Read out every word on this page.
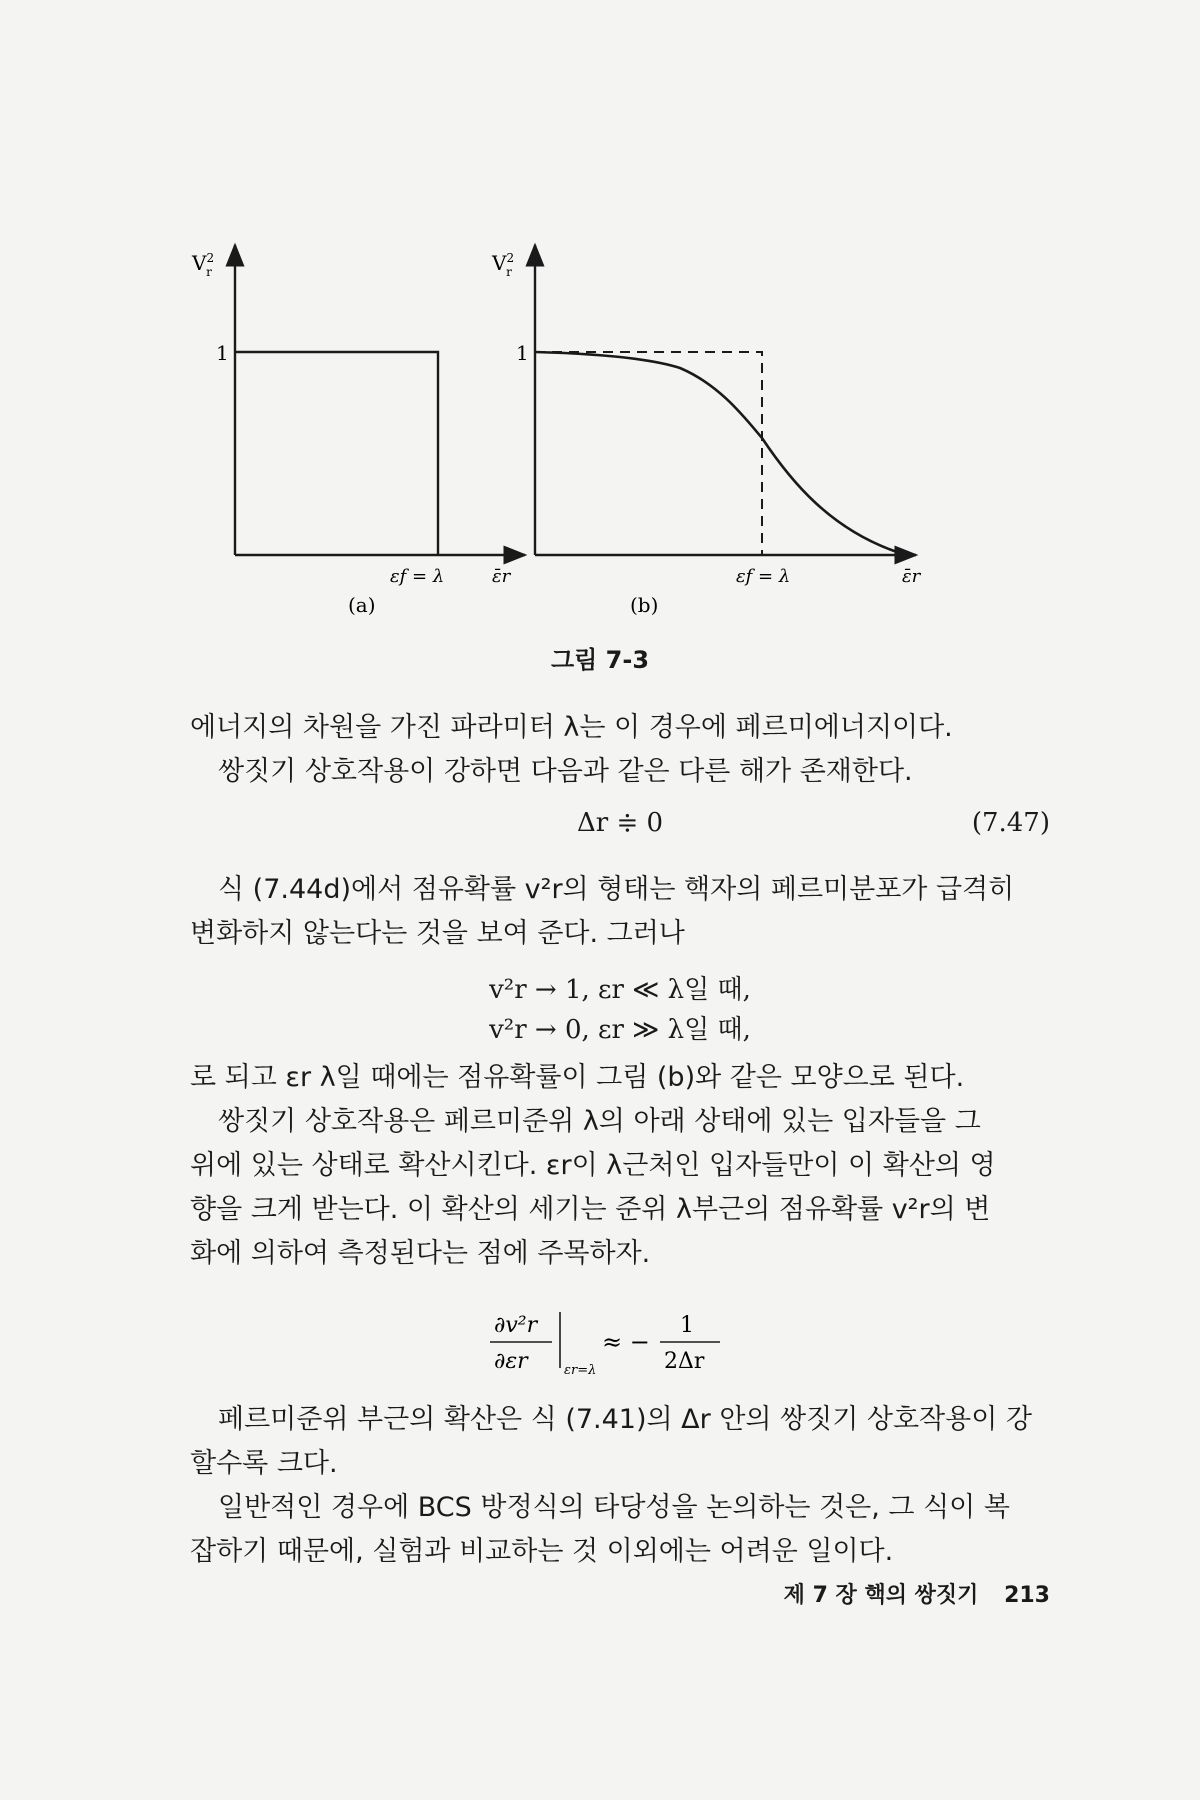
$V^2$ r
1
εf = λ	ε̄r
(a)
$V^2$ r
1
εf = λ	ε̄r
(b)
그림 7-3
에너지의 차원을 가진 파라미터 λ는 이 경우에 페르미에너지이다.
쌍짓기 상호작용이 강하면 다음과 같은 다른 해가 존재한다.
Δr ≑ 0	(7.47)
식 (7.44d)에서 점유확률 v²r의 형태는 핵자의 페르미분포가 급격히
변화하지 않는다는 것을 보여 준다. 그러나
v²r → 1, εr ≪ λ일 때,
v²r → 0, εr ≫ λ일 때,
로 되고 εr λ일 때에는 점유확률이 그림 (b)와 같은 모양으로 된다.
쌍짓기 상호작용은 페르미준위 λ의 아래 상태에 있는 입자들을 그
위에 있는 상태로 확산시킨다. εr이 λ근처인 입자들만이 이 확산의 영
향을 크게 받는다. 이 확산의 세기는 준위 λ부근의 점유확률 v²r의 변
화에 의하여 측정된다는 점에 주목하자.
∂v²r
∂εr	εr=λ
≈ −
1
2Δr
페르미준위 부근의 확산은 식 (7.41)의 Δr 안의 쌍짓기 상호작용이 강
할수록 크다.
일반적인 경우에 BCS 방정식의 타당성을 논의하는 것은, 그 식이 복
잡하기 때문에, 실험과 비교하는 것 이외에는 어려운 일이다.
제 7 장 핵의 쌍짓기 213
